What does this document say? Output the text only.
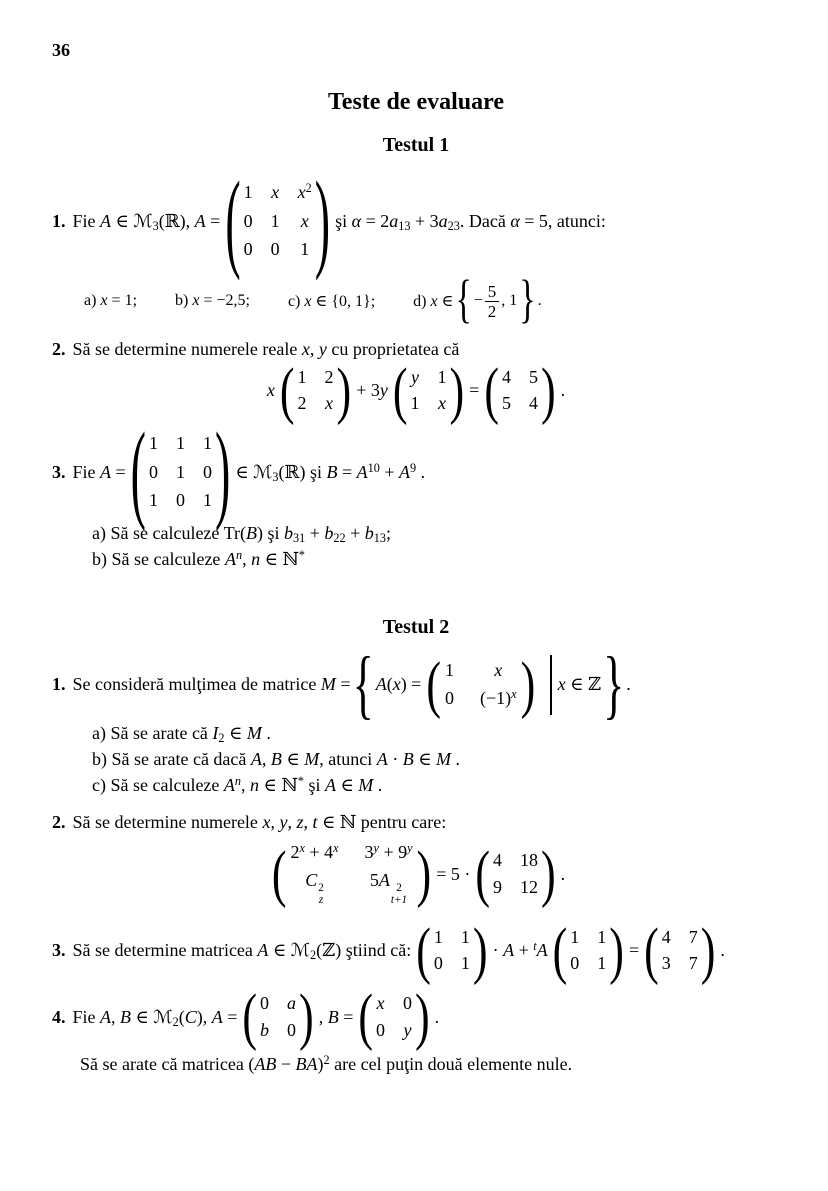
36
Teste de evaluare
Testul 1
1. Fie A ∈ ℳ3(ℝ), A = ( 1 x $x^2$
0 1 x
0 0 1 ) şi α = 2a13 + 3a23. Dacă α = 5, atunci:
a) x = 1; b) x = −2,5; c) x ∈ {0, 1}; d) x ∈ { − $\frac{5}{2}$ , 1 } .
2. Să se determine numerele reale x, y cu proprietatea că
x ( 1 2
2 x ) + 3y ( y 1
1 x ) = ( 4 5
5 4 ) .
3. Fie A = ( 1 1 1
0 1 0
1 0 1 ) ∈ ℳ3(ℝ) şi $B = A^{10} + A^9$ .
a) Să se calculeze Tr(B) şi b31 + b22 + b13;
b) Să se calculeze $A^n$, n ∈ ℕ*
Testul 2
1. Se consideră mulţimea de matrice M = { A(x) = ( 1 x
0 $(-1)^x$ ) x ∈ ℤ } .
a) Să se arate că I2 ∈ M .
b) Să se arate că dacă A, B ∈ M, atunci A · B ∈ M .
c) Să se calculeze $A^n$, n ∈ ℕ* şi A ∈ M .
2. Să se determine numerele x, y, z, t ∈ ℕ pentru care:
( $2^x + 4^x$ $3^y + 9^y$
C 2
z
5A 2
t+1 ) = 5 · ( 4 18
9 12 ) .
3. Să se determine matricea A ∈ ℳ2(ℤ) ştiind că: ( 1 1
0 1 ) · A + $^t$A ( 1 1
0 1 ) = ( 4 7
3 7 ) .
4. Fie A, B ∈ ℳ2(C), A = ( 0 a
b 0 ) , B = ( x 0
0 y ) .
Să se arate că matricea (AB − BA)$^2$ are cel puţin două elemente nule.
